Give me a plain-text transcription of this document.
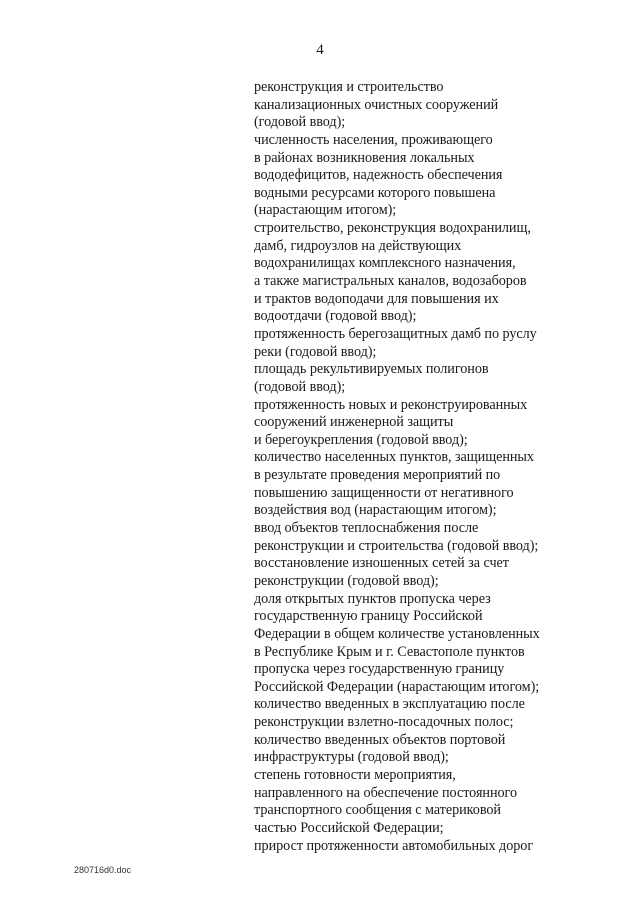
4
реконструкция и строительство
канализационных очистных сооружений
(годовой ввод);
численность населения, проживающего
в районах возникновения локальных
вододефицитов, надежность обеспечения
водными ресурсами которого повышена
(нарастающим итогом);
строительство, реконструкция водохранилищ,
дамб, гидроузлов на действующих
водохранилищах комплексного назначения,
а также магистральных каналов, водозаборов
и трактов водоподачи для повышения их
водоотдачи (годовой ввод);
протяженность берегозащитных дамб по руслу
реки (годовой ввод);
площадь рекультивируемых полигонов
(годовой ввод);
протяженность новых и реконструированных
сооружений инженерной защиты
и берегоукрепления (годовой ввод);
количество населенных пунктов, защищенных
в результате проведения мероприятий по
повышению защищенности от негативного
воздействия вод (нарастающим итогом);
ввод объектов теплоснабжения после
реконструкции и строительства (годовой ввод);
восстановление изношенных сетей за счет
реконструкции (годовой ввод);
доля открытых пунктов пропуска через
государственную границу Российской
Федерации в общем количестве установленных
в Республике Крым и г. Севастополе пунктов
пропуска через государственную границу
Российской Федерации (нарастающим итогом);
количество введенных в эксплуатацию после
реконструкции взлетно-посадочных полос;
количество введенных объектов портовой
инфраструктуры (годовой ввод);
степень готовности мероприятия,
направленного на обеспечение постоянного
транспортного сообщения с материковой
частью Российской Федерации;
прирост протяженности автомобильных дорог
280716d0.doc
